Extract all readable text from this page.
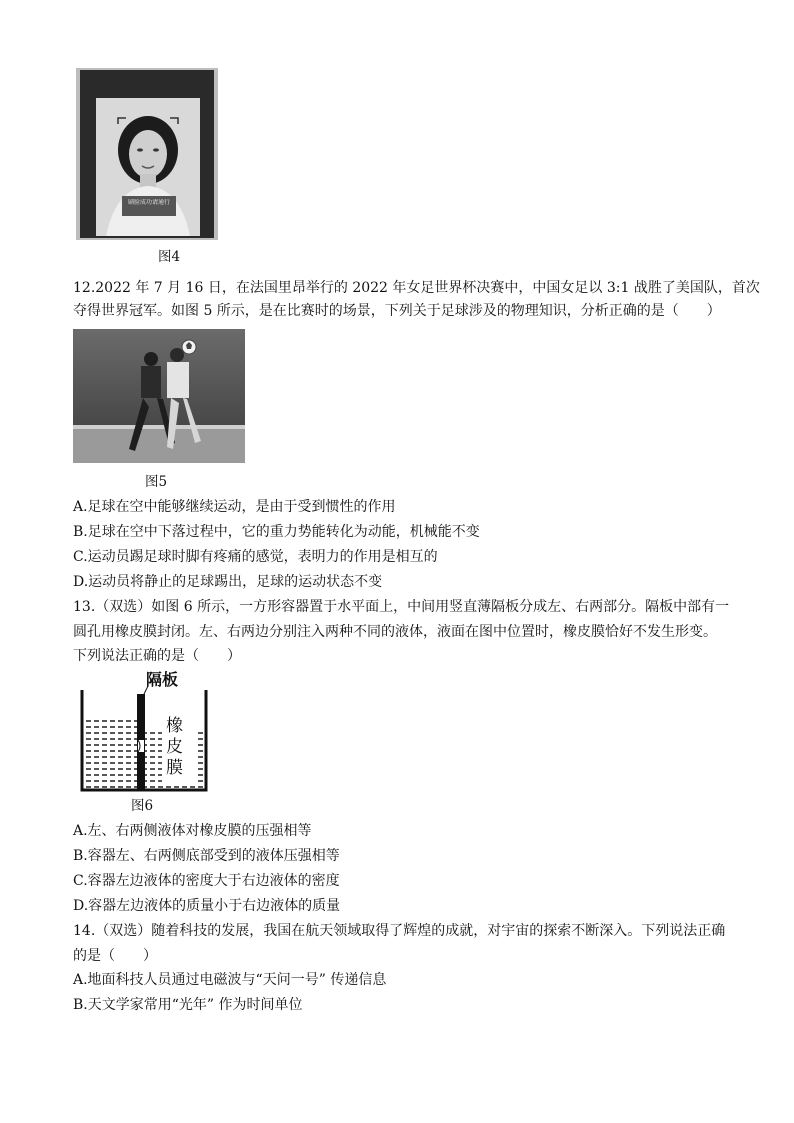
刷脸成功请通行
图4
12.2022 年 7 月 16 日，在法国里昂举行的 2022 年女足世界杯决赛中，中国女足以 3:1 战胜了美国队，首次
夺得世界冠军。如图 5 所示，是在比赛时的场景，下列关于足球涉及的物理知识，分析正确的是（　　）
图5
A.足球在空中能够继续运动，是由于受到惯性的作用
B.足球在空中下落过程中，它的重力势能转化为动能，机械能不变
C.运动员踢足球时脚有疼痛的感觉，表明力的作用是相互的
D.运动员将静止的足球踢出，足球的运动状态不变
13.（双选）如图 6 所示，一方形容器置于水平面上，中间用竖直薄隔板分成左、右两部分。隔板中部有一
圆孔用橡皮膜封闭。左、右两边分别注入两种不同的液体，液面在图中位置时，橡皮膜恰好不发生形变。
下列说法正确的是（　　）
隔板
橡
皮
膜
图6
A.左、右两侧液体对橡皮膜的压强相等
B.容器左、右两侧底部受到的液体压强相等
C.容器左边液体的密度大于右边液体的密度
D.容器左边液体的质量小于右边液体的质量
14.（双选）随着科技的发展，我国在航天领域取得了辉煌的成就，对宇宙的探索不断深入。下列说法正确
的是（　　）
A.地面科技人员通过电磁波与“天问一号” 传递信息
B.天文学家常用“光年” 作为时间单位
